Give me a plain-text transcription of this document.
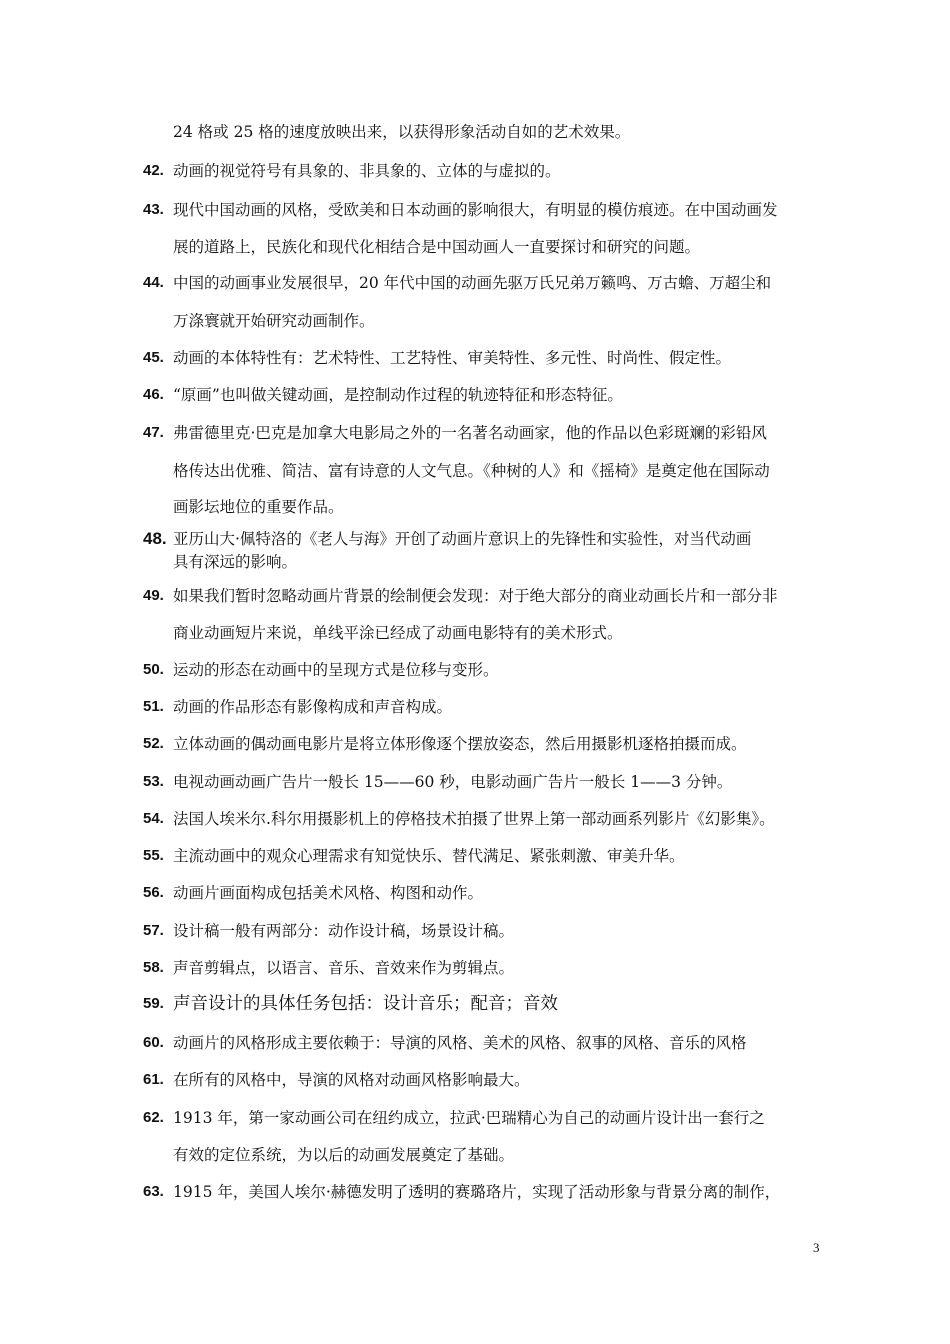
24 格或 25 格的速度放映出来，以获得形象活动自如的艺术效果。
42. 动画的视觉符号有具象的、非具象的、立体的与虚拟的。
43. 现代中国动画的风格，受欧美和日本动画的影响很大，有明显的模仿痕迹。在中国动画发
展的道路上，民族化和现代化相结合是中国动画人一直要探讨和研究的问题。
44. 中国的动画事业发展很早，20 年代中国的动画先驱万氏兄弟万籁鸣、万古蟾、万超尘和
万涤寰就开始研究动画制作。
45. 动画的本体特性有：艺术特性、工艺特性、审美特性、多元性、时尚性、假定性。
46. “原画”也叫做关键动画，是控制动作过程的轨迹特征和形态特征。
47. 弗雷德里克·巴克是加拿大电影局之外的一名著名动画家，他的作品以色彩斑斓的彩铅风
格传达出优雅、简洁、富有诗意的人文气息。《种树的人》和《摇椅》是奠定他在国际动
画影坛地位的重要作品。
48. 亚历山大·佩特洛的《老人与海》开创了动画片意识上的先锋性和实验性，对当代动画
具有深远的影响。
49. 如果我们暂时忽略动画片背景的绘制便会发现：对于绝大部分的商业动画长片和一部分非
商业动画短片来说，单线平涂已经成了动画电影特有的美术形式。
50. 运动的形态在动画中的呈现方式是位移与变形。
51. 动画的作品形态有影像构成和声音构成。
52. 立体动画的偶动画电影片是将立体形像逐个摆放姿态，然后用摄影机逐格拍摄而成。
53. 电视动画动画广告片一般长 15——60 秒，电影动画广告片一般长 1——3 分钟。
54. 法国人埃米尔.科尔用摄影机上的停格技术拍摄了世界上第一部动画系列影片《幻影集》。
55. 主流动画中的观众心理需求有知觉快乐、替代满足、紧张刺激、审美升华。
56. 动画片画面构成包括美术风格、构图和动作。
57. 设计稿一般有两部分：动作设计稿，场景设计稿。
58. 声音剪辑点，以语言、音乐、音效来作为剪辑点。
59. 声音设计的具体任务包括：设计音乐；配音；音效
60. 动画片的风格形成主要依赖于：导演的风格、美术的风格、叙事的风格、音乐的风格
61. 在所有的风格中，导演的风格对动画风格影响最大。
62. 1913 年，第一家动画公司在纽约成立，拉武·巴瑞精心为自己的动画片设计出一套行之
有效的定位系统，为以后的动画发展奠定了基础。
63. 1915 年，美国人埃尔·赫德发明了透明的赛璐珞片，实现了活动形象与背景分离的制作，
3
